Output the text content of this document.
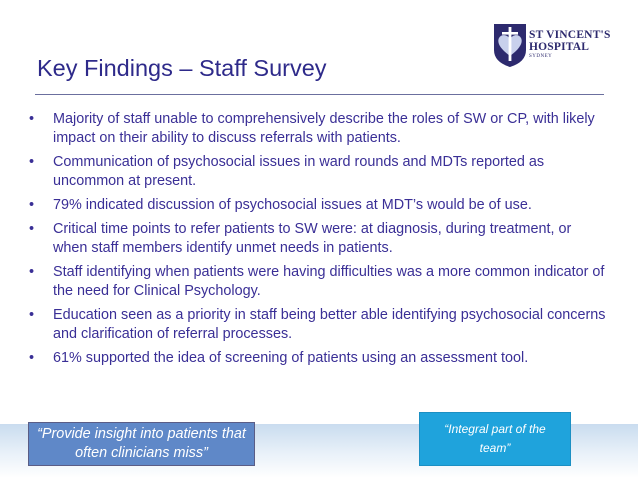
ST VINCENT'S
HOSPITAL
SYDNEY
Key Findings – Staff Survey
• Majority of staff unable to comprehensively describe the roles of SW or CP, with likely impact on their ability to discuss referrals with patients.
• Communication of psychosocial issues in ward rounds and MDTs reported as uncommon at present.
• 79% indicated discussion of psychosocial issues at MDT’s would be of use.
• Critical time points to refer patients to SW were: at diagnosis, during treatment, or when staff members identify unmet needs in patients.
• Staff identifying when patients were having difficulties was a more common indicator of the need for Clinical Psychology.
• Education seen as a priority in staff being better able identifying psychosocial concerns and clarification of referral processes.
• 61% supported the idea of screening of patients using an assessment tool.
“Provide insight into patients that often clinicians miss”
“Integral part of the team”
